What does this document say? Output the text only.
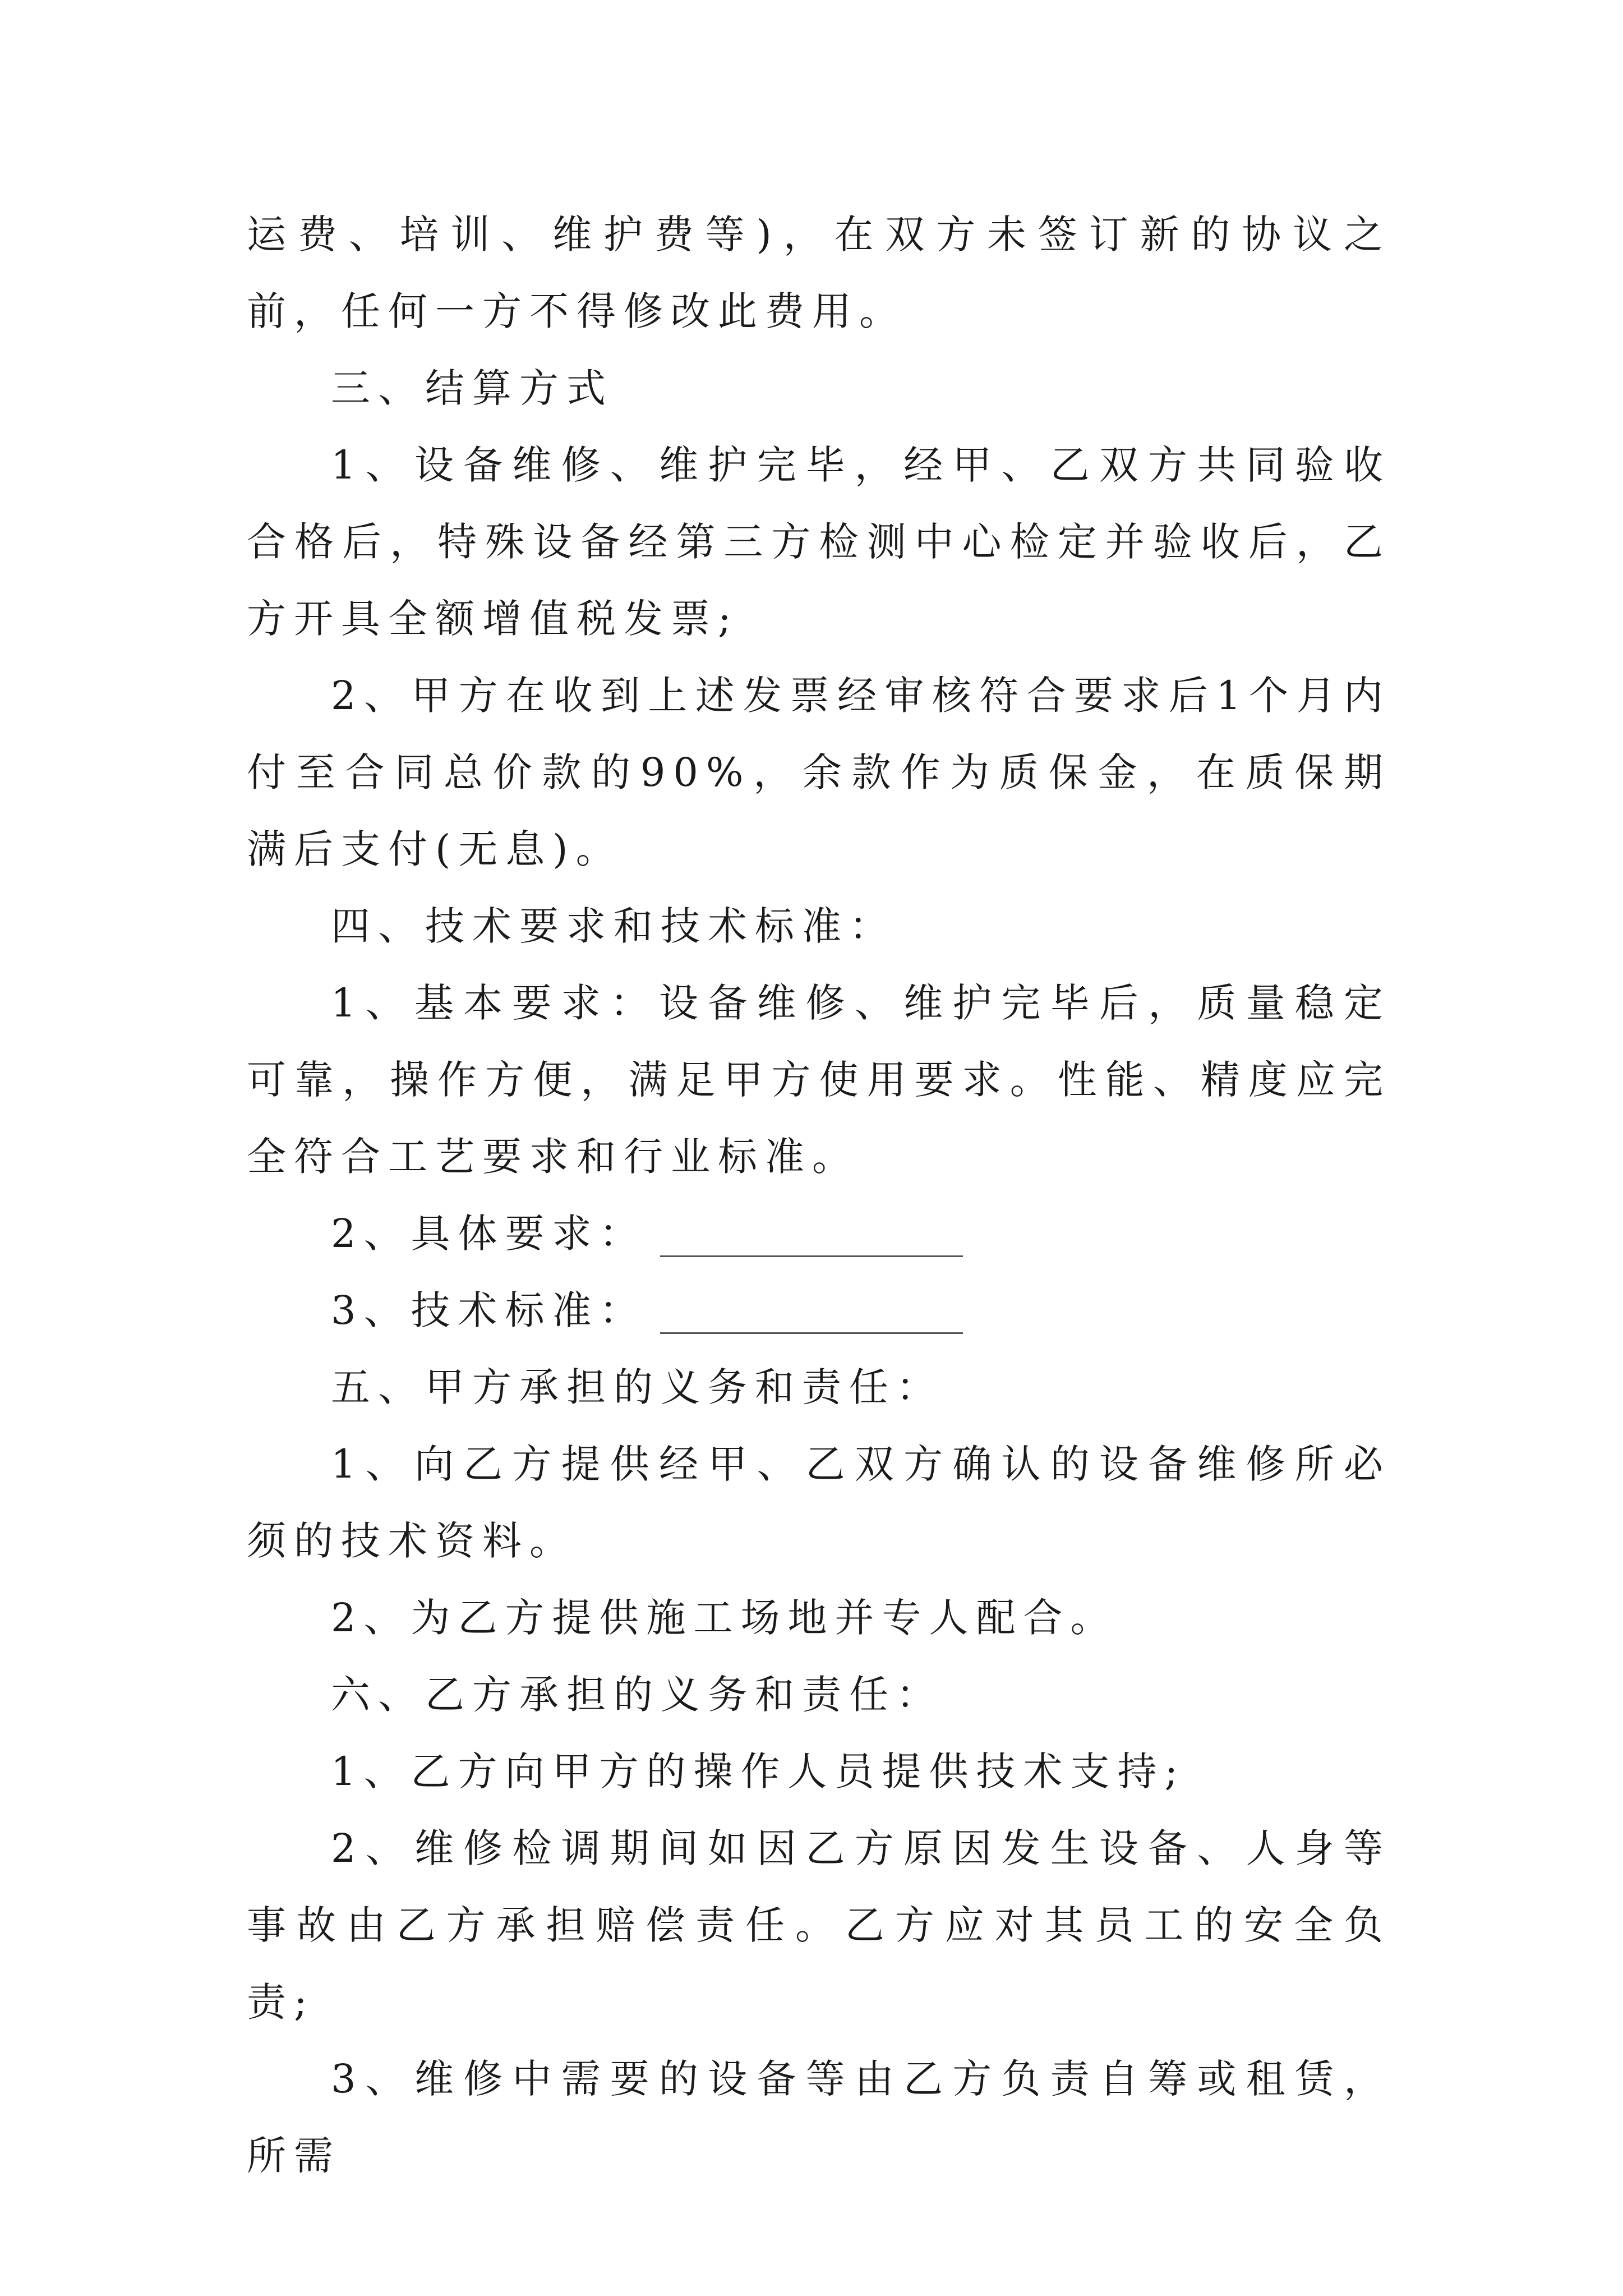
运费、培训、维护费等)，在双方未签订新的协议之前，任何一方不得修改此费用。

三、结算方式

1、设备维修、维护完毕，经甲、乙双方共同验收合格后，特殊设备经第三方检测中心检定并验收后，乙方开具全额增值税发票;

2、甲方在收到上述发票经审核符合要求后1个月内付至合同总价款的90%，余款作为质保金，在质保期满后支付(无息)。

四、技术要求和技术标准：

1、基本要求：设备维修、维护完毕后，质量稳定可靠，操作方便，满足甲方使用要求。性能、精度应完全符合工艺要求和行业标准。

2、具体要求：

3、技术标准：

五、甲方承担的义务和责任：

1、向乙方提供经甲、乙双方确认的设备维修所必须的技术资料。

2、为乙方提供施工场地并专人配合。

六、乙方承担的义务和责任：

1、乙方向甲方的操作人员提供技术支持;

2、维修检调期间如因乙方原因发生设备、人身等事故由乙方承担赔偿责任。乙方应对其员工的安全负责;

3、维修中需要的设备等由乙方负责自筹或租赁，所需
